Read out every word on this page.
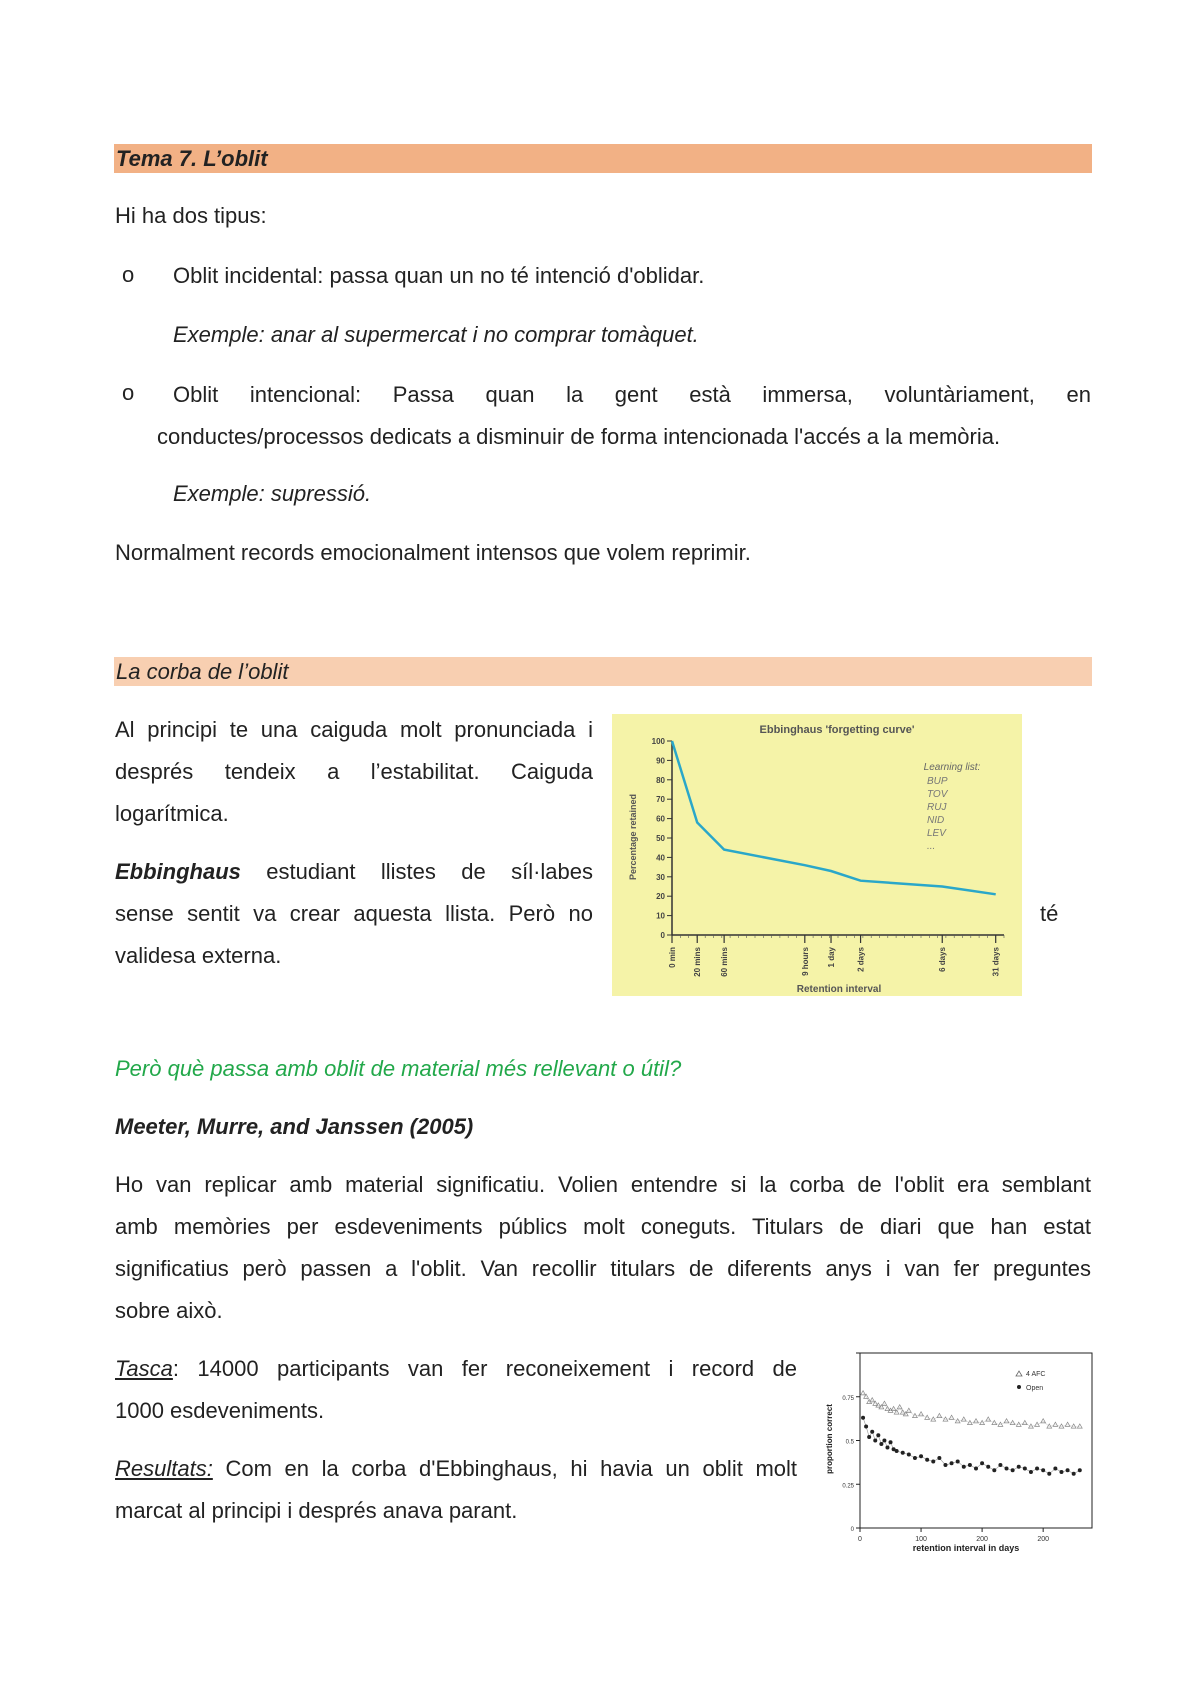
Tema 7. L’oblit
Hi ha dos tipus:
o Oblit incidental: passa quan un no té intenció d'oblidar.
Exemple: anar al supermercat i no comprar tomàquet.
o Oblit intencional: Passa quan la gent està immersa, voluntàriament, en
conductes/processos dedicats a disminuir de forma intencionada l'accés a la memòria.
Exemple: supressió.
Normalment records emocionalment intensos que volem reprimir.
La corba de l’oblit
Al principi te una caiguda molt pronunciada i
després tendeix a l’estabilitat. Caiguda
logarítmica.
Ebbinghaus estudiant llistes de síl·labes
sense sentit va crear aquesta llista. Però no	té
validesa externa.
Ebbinghaus 'forgetting curve'
Percentage retained
Retention interval
Learning list:
BUP
TOV
RUJ
NID
LEV
...
0
10
20
30
40
50
60
70
80
90
100
0 min 20 mins 60 mins	9 hours 1 day	2 days	6 days	31 days
Però què passa amb oblit de material més rellevant o útil?
Meeter, Murre, and Janssen (2005)
Ho van replicar amb material significatiu. Volien entendre si la corba de l'oblit era semblant
amb memòries per esdeveniments públics molt coneguts. Titulars de diari que han estat
significatius però passen a l'oblit. Van recollir titulars de diferents anys i van fer preguntes
sobre això.
Tasca: 14000 participants van fer reconeixement i record de
1000 esdeveniments.
Resultats: Com en la corba d'Ebbinghaus, hi havia un oblit molt
marcat al principi i després anava parant.
proportion correct
retention interval in days
0
0.25
0.5
0.75
0	100	200	200
4 AFC
Open
